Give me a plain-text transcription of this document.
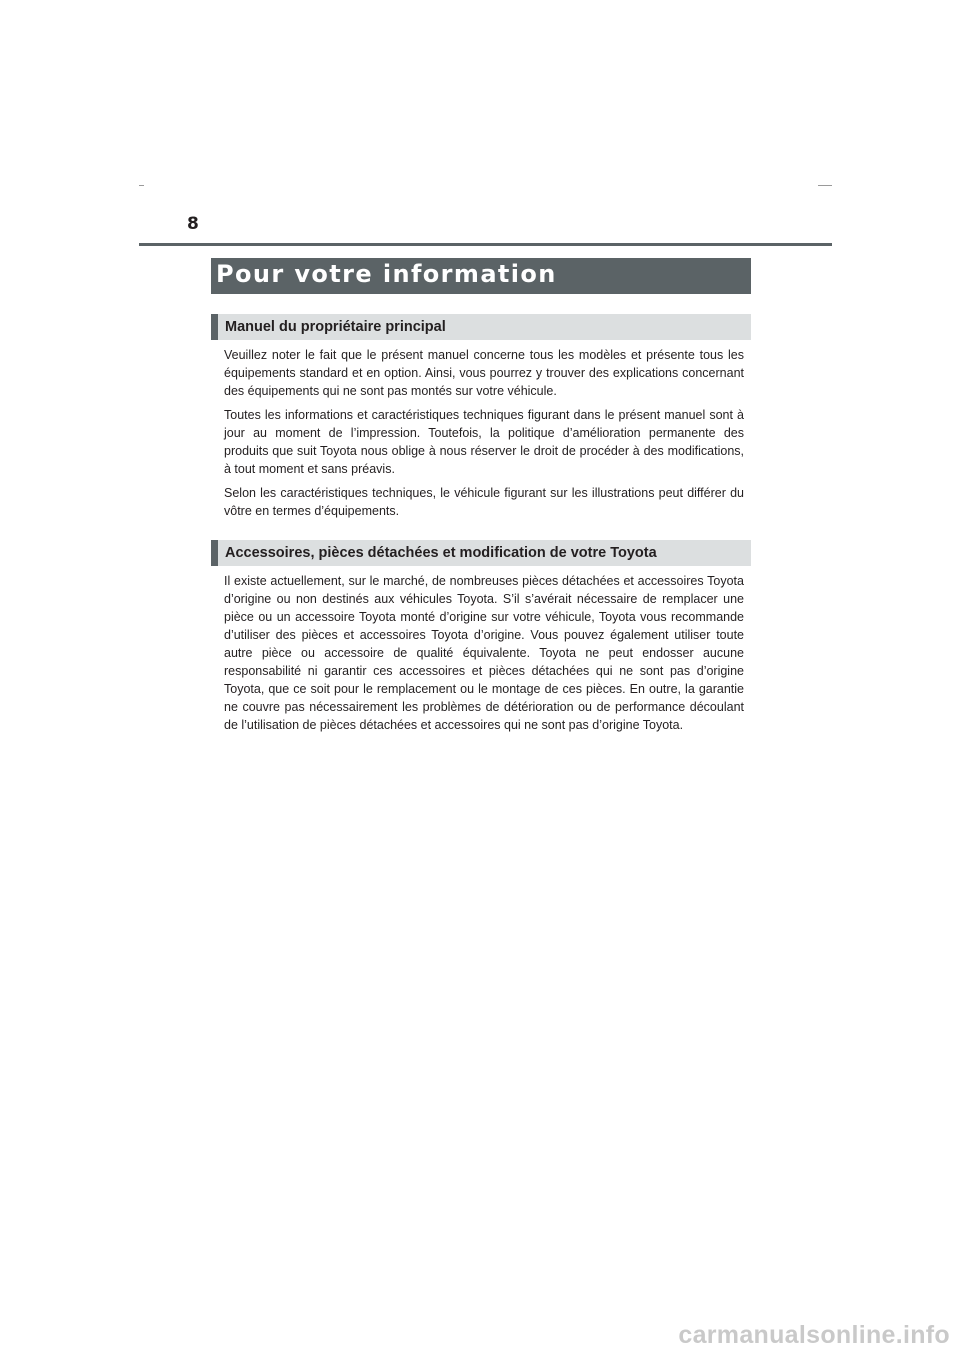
8
Pour votre information
Manuel du propriétaire principal

Veuillez noter le fait que le présent manuel concerne tous les modèles et présente tous les équipements standard et en option. Ainsi, vous pourrez y trouver des explications concernant des équipements qui ne sont pas montés sur votre véhicule.

Toutes les informations et caractéristiques techniques figurant dans le présent manuel sont à jour au moment de l’impression. Toutefois, la politique d’amélioration permanente des produits que suit Toyota nous oblige à nous réserver le droit de procéder à des modifications, à tout moment et sans préavis.

Selon les caractéristiques techniques, le véhicule figurant sur les illustrations peut différer du vôtre en termes d’équipements.

Accessoires, pièces détachées et modification de votre Toyota

Il existe actuellement, sur le marché, de nombreuses pièces détachées et accessoires Toyota d’origine ou non destinés aux véhicules Toyota. S’il s’avérait nécessaire de remplacer une pièce ou un accessoire Toyota monté d’origine sur votre véhicule, Toyota vous recommande d’utiliser des pièces et accessoires Toyota d’origine. Vous pouvez également utiliser toute autre pièce ou accessoire de qualité équivalente. Toyota ne peut endosser aucune responsabilité ni garantir ces accessoires et pièces détachées qui ne sont pas d’origine Toyota, que ce soit pour le remplacement ou le montage de ces pièces. En outre, la garantie ne couvre pas nécessairement les problèmes de détérioration ou de performance découlant de l’utilisation de pièces détachées et accessoires qui ne sont pas d’origine Toyota.

carmanualsonline.info
